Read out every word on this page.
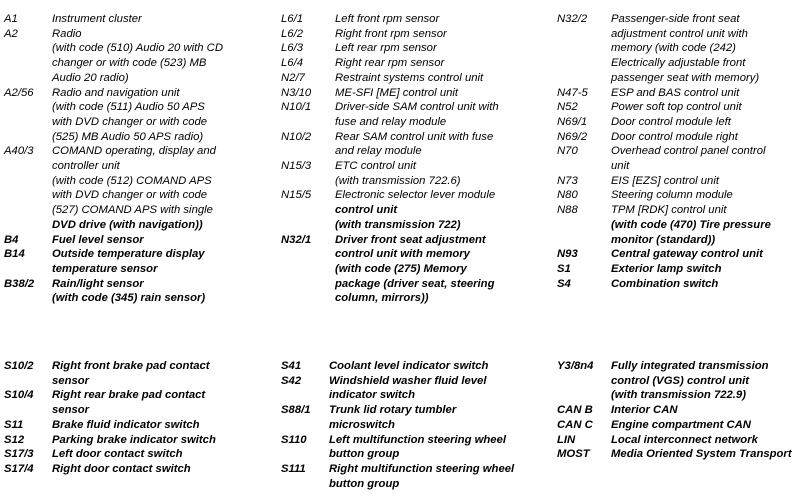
A1	Instrument cluster
A2	Radio
(with code (510) Audio 20 with CD
changer or with code (523) MB
Audio 20 radio)
A2/56	Radio and navigation unit
(with code (511) Audio 50 APS
with DVD changer or with code
(525) MB Audio 50 APS radio)
A40/3	COMAND operating, display and
controller unit
(with code (512) COMAND APS
with DVD changer or with code
(527) COMAND APS with single
DVD drive (with navigation))
B4	Fuel level sensor
B14	Outside temperature display
temperature sensor
B38/2	Rain/light sensor
(with code (345) rain sensor)
L6/1	Left front rpm sensor
L6/2	Right front rpm sensor
L6/3	Left rear rpm sensor
L6/4	Right rear rpm sensor
N2/7	Restraint systems control unit
N3/10	ME-SFI [ME] control unit
N10/1	Driver-side SAM control unit with
fuse and relay module
N10/2	Rear SAM control unit with fuse
and relay module
N15/3	ETC control unit
(with transmission 722.6)
N15/5	Electronic selector lever module
control unit
(with transmission 722)
N32/1	Driver front seat adjustment
control unit with memory
(with code (275) Memory
package (driver seat, steering
column, mirrors))
N32/2	Passenger-side front seat
adjustment control unit with
memory (with code (242)
Electrically adjustable front
passenger seat with memory)
N47-5	ESP and BAS control unit
N52	Power soft top control unit
N69/1	Door control module left
N69/2	Door control module right
N70	Overhead control panel control
unit
N73	EIS [EZS] control unit
N80	Steering column module
N88	TPM [RDK] control unit
(with code (470) Tire pressure
monitor (standard))
N93	Central gateway control unit
S1	Exterior lamp switch
S4	Combination switch
S10/2	Right front brake pad contact
sensor
S10/4	Right rear brake pad contact
sensor
S11	Brake fluid indicator switch
S12	Parking brake indicator switch
S17/3	Left door contact switch
S17/4	Right door contact switch
S41	Coolant level indicator switch
S42	Windshield washer fluid level
indicator switch
S88/1	Trunk lid rotary tumbler
microswitch
S110	Left multifunction steering wheel
button group
S111	Right multifunction steering wheel
button group
Y3/8n4	Fully integrated transmission
control (VGS) control unit
(with transmission 722.9)
CAN B	Interior CAN
CAN C	Engine compartment CAN
LIN	Local interconnect network
MOST	Media Oriented System Transport
